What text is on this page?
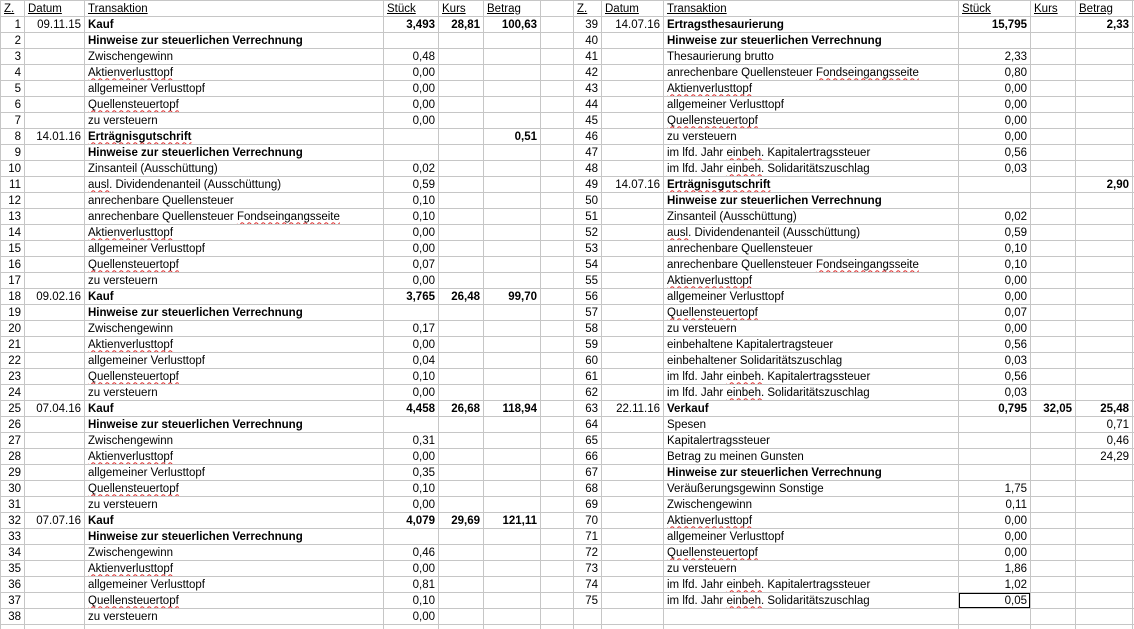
Z.	Datum	Transaktion	Stück	Kurs	Betrag	
1	09.11.15	Kauf	3,493	28,81	100,63	
2		Hinweise zur steuerlichen Verrechnung				
3		Zwischengewinn	0,48			
4		Aktienverlusttopf	0,00			
5		allgemeiner Verlusttopf	0,00			
6		Quellensteuertopf	0,00			
7		zu versteuern	0,00			
8	14.01.16	Erträgnisgutschrift			0,51	
9		Hinweise zur steuerlichen Verrechnung				
10		Zinsanteil (Ausschüttung)	0,02			
11		ausl. Dividendenanteil (Ausschüttung)	0,59			
12		anrechenbare Quellensteuer	0,10			
13		anrechenbare Quellensteuer Fondseingangsseite	0,10			
14		Aktienverlusttopf	0,00			
15		allgemeiner Verlusttopf	0,00			
16		Quellensteuertopf	0,07			
17		zu versteuern	0,00			
18	09.02.16	Kauf	3,765	26,48	99,70	
19		Hinweise zur steuerlichen Verrechnung				
20		Zwischengewinn	0,17			
21		Aktienverlusttopf	0,00			
22		allgemeiner Verlusttopf	0,04			
23		Quellensteuertopf	0,10			
24		zu versteuern	0,00			
25	07.04.16	Kauf	4,458	26,68	118,94	
26		Hinweise zur steuerlichen Verrechnung				
27		Zwischengewinn	0,31			
28		Aktienverlusttopf	0,00			
29		allgemeiner Verlusttopf	0,35			
30		Quellensteuertopf	0,10			
31		zu versteuern	0,00			
32	07.07.16	Kauf	4,079	29,69	121,11	
33		Hinweise zur steuerlichen Verrechnung				
34		Zwischengewinn	0,46			
35		Aktienverlusttopf	0,00			
36		allgemeiner Verlusttopf	0,81			
37		Quellensteuertopf	0,10			
38		zu versteuern	0,00			

Z.	Datum	Transaktion	Stück	Kurs	Betrag	
39	14.07.16	Ertragsthesaurierung	15,795		2,33	
40		Hinweise zur steuerlichen Verrechnung				
41		Thesaurierung brutto	2,33			
42		anrechenbare Quellensteuer Fondseingangsseite	0,80			
43		Aktienverlusttopf	0,00			
44		allgemeiner Verlusttopf	0,00			
45		Quellensteuertopf	0,00			
46		zu versteuern	0,00			
47		im lfd. Jahr einbeh. Kapitalertragssteuer	0,56			
48		im lfd. Jahr einbeh. Solidaritätszuschlag	0,03			
49	14.07.16	Erträgnisgutschrift			2,90	
50		Hinweise zur steuerlichen Verrechnung				
51		Zinsanteil (Ausschüttung)	0,02			
52		ausl. Dividendenanteil (Ausschüttung)	0,59			
53		anrechenbare Quellensteuer	0,10			
54		anrechenbare Quellensteuer Fondseingangsseite	0,10			
55		Aktienverlusttopf	0,00			
56		allgemeiner Verlusttopf	0,00			
57		Quellensteuertopf	0,07			
58		zu versteuern	0,00			
59		einbehaltene Kapitalertragsteuer	0,56			
60		einbehaltener Solidaritätszuschlag	0,03			
61		im lfd. Jahr einbeh. Kapitalertragssteuer	0,56			
62		im lfd. Jahr einbeh. Solidaritätszuschlag	0,03			
63	22.11.16	Verkauf	0,795	32,05	25,48	
64		Spesen			0,71	
65		Kapitalertragssteuer			0,46	
66		Betrag zu meinen Gunsten			24,29	
67		Hinweise zur steuerlichen Verrechnung				
68		Veräußerungsgewinn Sonstige	1,75			
69		Zwischengewinn	0,11			
70		Aktienverlusttopf	0,00			
71		allgemeiner Verlusttopf	0,00			
72		Quellensteuertopf	0,00			
73		zu versteuern	1,86			
74		im lfd. Jahr einbeh. Kapitalertragssteuer	1,02			
75		im lfd. Jahr einbeh. Solidaritätszuschlag	0,05			
